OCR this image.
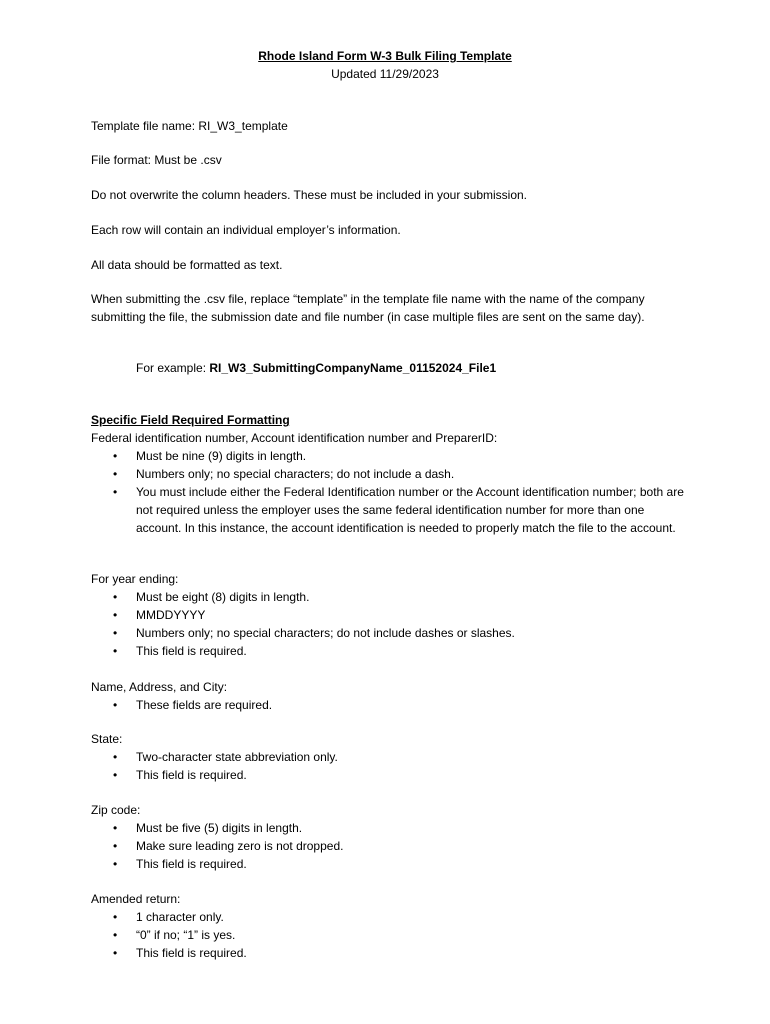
Rhode Island Form W-3 Bulk Filing Template
Updated 11/29/2023
Template file name: RI_W3_template
File format: Must be .csv
Do not overwrite the column headers. These must be included in your submission.
Each row will contain an individual employer’s information.
All data should be formatted as text.
When submitting the .csv file, replace “template” in the template file name with the name of the company submitting the file, the submission date and file number (in case multiple files are sent on the same day).
For example: RI_W3_SubmittingCompanyName_01152024_File1
Specific Field Required Formatting
Federal identification number, Account identification number and PreparerID:
• Must be nine (9) digits in length.
• Numbers only; no special characters; do not include a dash.
• You must include either the Federal Identification number or the Account identification number; both are not required unless the employer uses the same federal identification number for more than one account. In this instance, the account identification is needed to properly match the file to the account.
For year ending:
• Must be eight (8) digits in length.
• MMDDYYYY
• Numbers only; no special characters; do not include dashes or slashes.
• This field is required.
Name, Address, and City:
• These fields are required.
State:
• Two-character state abbreviation only.
• This field is required.
Zip code:
• Must be five (5) digits in length.
• Make sure leading zero is not dropped.
• This field is required.
Amended return:
• 1 character only.
• “0” if no; “1” is yes.
• This field is required.
